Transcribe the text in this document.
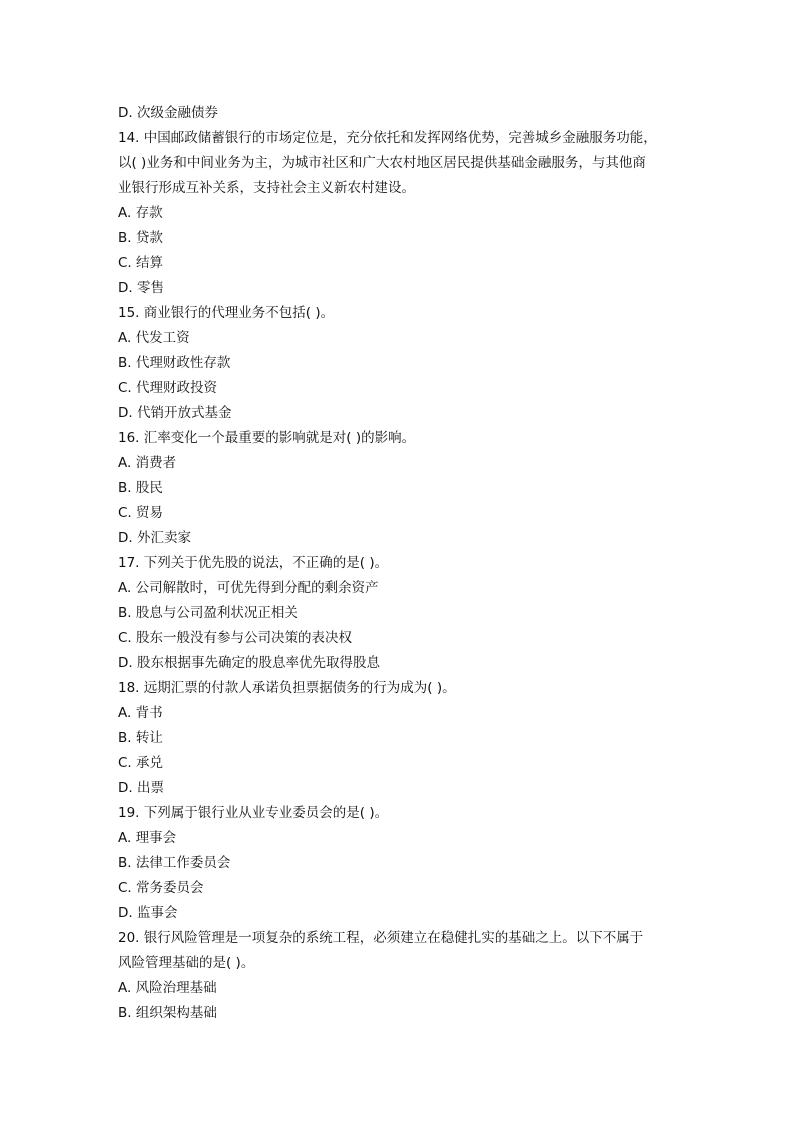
D. 次级金融债券
14. 中国邮政储蓄银行的市场定位是，充分依托和发挥网络优势，完善城乡金融服务功能，
以( )业务和中间业务为主，为城市社区和广大农村地区居民提供基础金融服务，与其他商
业银行形成互补关系，支持社会主义新农村建设。
A. 存款
B. 贷款
C. 结算
D. 零售
15. 商业银行的代理业务不包括( )。
A. 代发工资
B. 代理财政性存款
C. 代理财政投资
D. 代销开放式基金
16. 汇率变化一个最重要的影响就是对( )的影响。
A. 消费者
B. 股民
C. 贸易
D. 外汇卖家
17. 下列关于优先股的说法，不正确的是( )。
A. 公司解散时，可优先得到分配的剩余资产
B. 股息与公司盈利状况正相关
C. 股东一般没有参与公司决策的表决权
D. 股东根据事先确定的股息率优先取得股息
18. 远期汇票的付款人承诺负担票据债务的行为成为( )。
A. 背书
B. 转让
C. 承兑
D. 出票
19. 下列属于银行业从业专业委员会的是( )。
A. 理事会
B. 法律工作委员会
C. 常务委员会
D. 监事会
20. 银行风险管理是一项复杂的系统工程，必须建立在稳健扎实的基础之上。以下不属于
风险管理基础的是( )。
A. 风险治理基础
B. 组织架构基础
